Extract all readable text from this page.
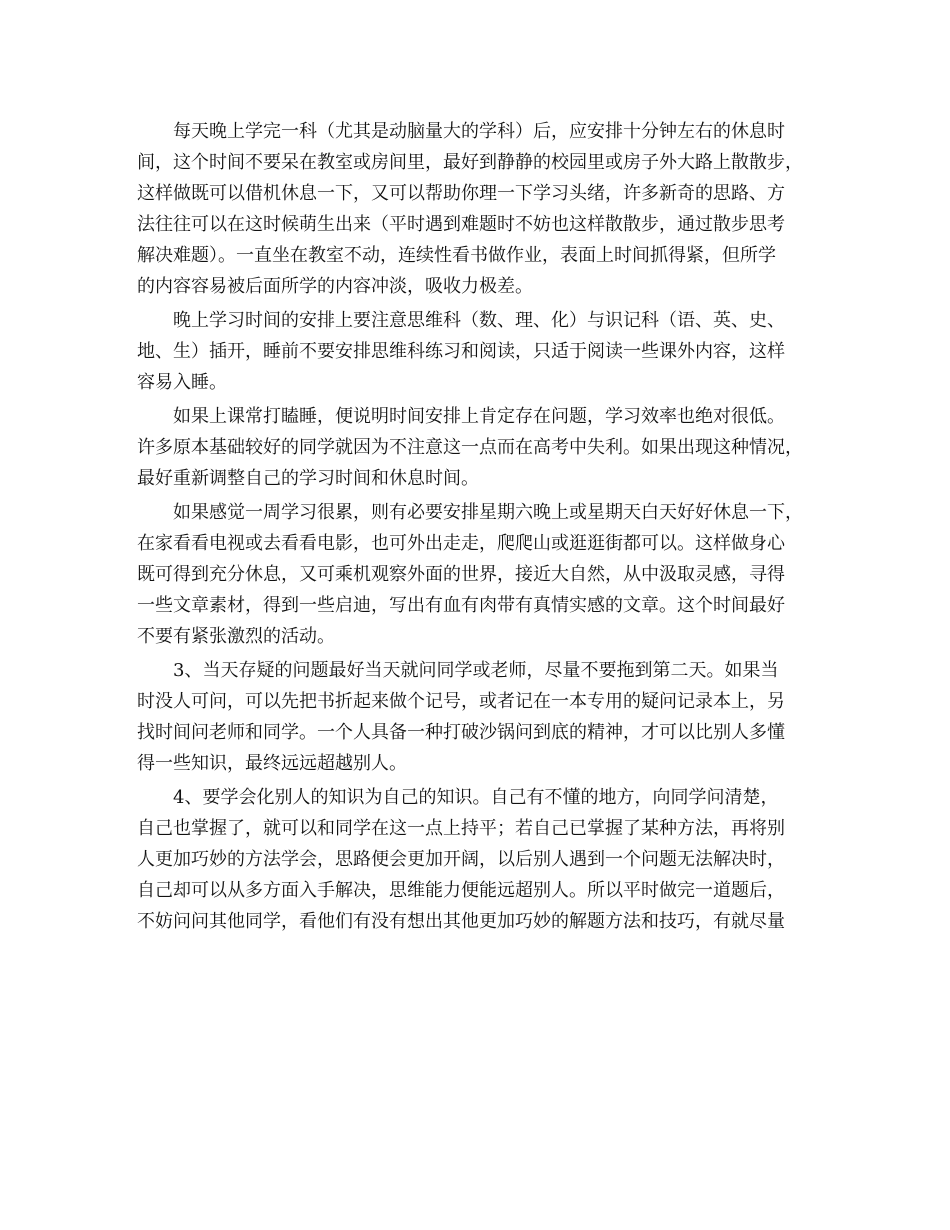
每天晚上学完一科（尤其是动脑量大的学科）后，应安排十分钟左右的休息时
间，这个时间不要呆在教室或房间里，最好到静静的校园里或房子外大路上散散步，
这样做既可以借机休息一下，又可以帮助你理一下学习头绪，许多新奇的思路、方
法往往可以在这时候萌生出来（平时遇到难题时不妨也这样散散步，通过散步思考
解决难题）。一直坐在教室不动，连续性看书做作业，表面上时间抓得紧，但所学
的内容容易被后面所学的内容冲淡，吸收力极差。
晚上学习时间的安排上要注意思维科（数、理、化）与识记科（语、英、史、
地、生）插开，睡前不要安排思维科练习和阅读，只适于阅读一些课外内容，这样
容易入睡。
如果上课常打瞌睡，便说明时间安排上肯定存在问题，学习效率也绝对很低。
许多原本基础较好的同学就因为不注意这一点而在高考中失利。如果出现这种情况，
最好重新调整自己的学习时间和休息时间。
如果感觉一周学习很累，则有必要安排星期六晚上或星期天白天好好休息一下，
在家看看电视或去看看电影，也可外出走走，爬爬山或逛逛街都可以。这样做身心
既可得到充分休息，又可乘机观察外面的世界，接近大自然，从中汲取灵感，寻得
一些文章素材，得到一些启迪，写出有血有肉带有真情实感的文章。这个时间最好
不要有紧张激烈的活动。
3、当天存疑的问题最好当天就问同学或老师，尽量不要拖到第二天。如果当
时没人可问，可以先把书折起来做个记号，或者记在一本专用的疑问记录本上，另
找时间问老师和同学。一个人具备一种打破沙锅问到底的精神，才可以比别人多懂
得一些知识，最终远远超越别人。
4、要学会化别人的知识为自己的知识。自己有不懂的地方，向同学问清楚，
自己也掌握了，就可以和同学在这一点上持平；若自己已掌握了某种方法，再将别
人更加巧妙的方法学会，思路便会更加开阔，以后别人遇到一个问题无法解决时，
自己却可以从多方面入手解决，思维能力便能远超别人。所以平时做完一道题后，
不妨问问其他同学，看他们有没有想出其他更加巧妙的解题方法和技巧，有就尽量
